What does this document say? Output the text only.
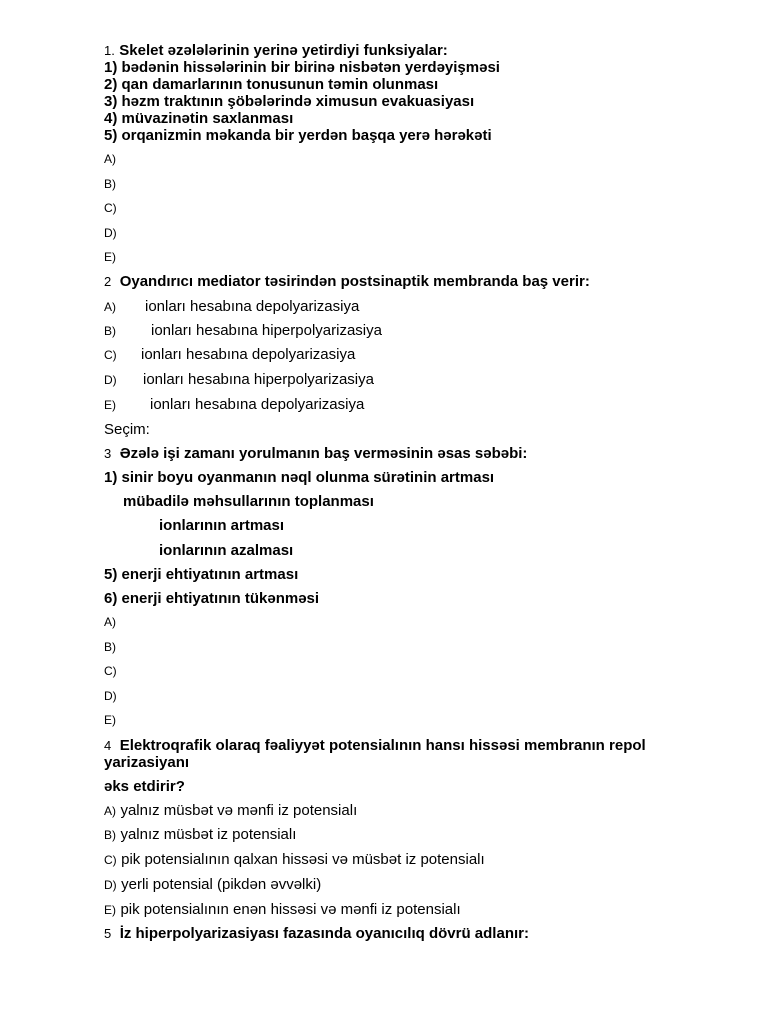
1. Skelet əzələlərinin yerinə yetirdiyi funksiyalar:
1) bədənin hissələrinin bir birinə nisbətən yerdəyişməsi
2) qan damarlarının tonusunun təmin olunması
3) həzm traktının şöbələrində ximusun evakuasiyası
4) müvazinətin saxlanması
5) orqanizmin məkanda bir yerdən başqa yerə hərəkəti
A)
B)
C)
D)
E)
2 Oyandırıcı mediator təsirindən postsinaptik membranda baş verir:
A) ionları hesabına depolyarizasiya
B) ionları hesabına hiperpolyarizasiya
C) ionları hesabına depolyarizasiya
D) ionları hesabına hiperpolyarizasiya
E) ionları hesabına depolyarizasiya
Seçim:
3 Əzələ işi zamanı yorulmanın baş verməsinin əsas səbəbi:
1) sinir boyu oyanmanın nəql olunma sürətinin artması
mübadilə məhsullarının toplanması
ionlarının artması
ionlarının azalması
5) enerji ehtiyatının artması
6) enerji ehtiyatının tükənməsi
A)
B)
C)
D)
E)
4 Elektroqrafik olaraq fəaliyyət potensialının hansı hissəsi membranın repol
yarizasiyanı
əks etdirir?
A) yalnız müsbət və mənfi iz potensialı
B) yalnız müsbət iz potensialı
C) pik potensialının qalxan hissəsi və müsbət iz potensialı
D) yerli potensial (pikdən əvvəlki)
E) pik potensialının enən hissəsi və mənfi iz potensialı
5 İz hiperpolyarizasiyası fazasında oyanıcılıq dövrü adlanır:
